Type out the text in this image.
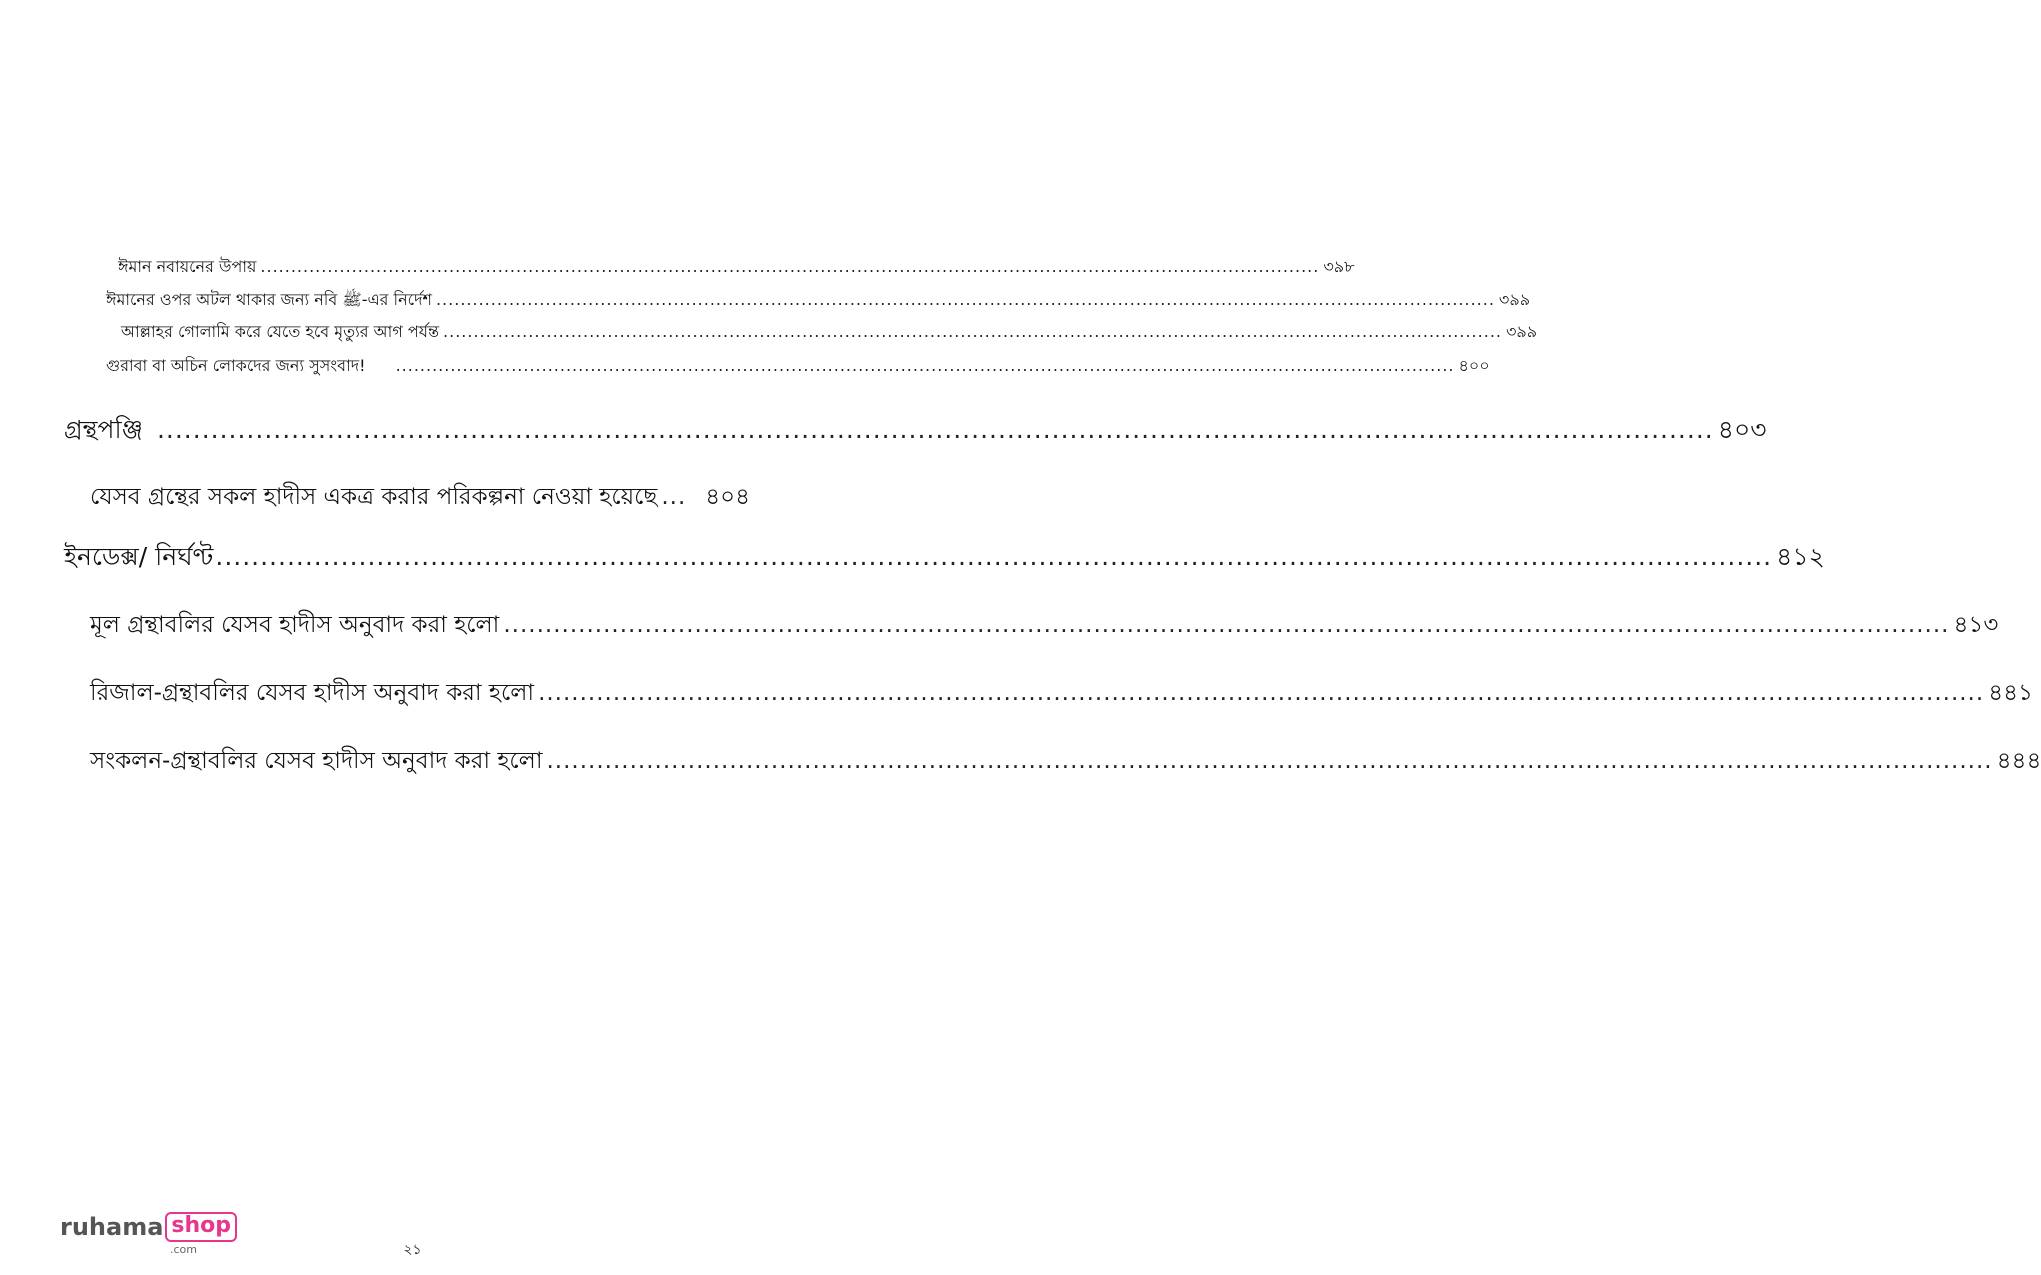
ঈমান নবায়নের উপায় .............................................................................................................................................................................. ৩৯৮
ঈমানের ওপর অটল থাকার জন্য নবি ﷺ-এর নির্দেশ .............................................................................................................................................................................. ৩৯৯
আল্লাহর গোলামি করে যেতে হবে মৃত্যুর আগ পর্যন্ত .............................................................................................................................................................................. ৩৯৯
গুরাবা বা অচিন লোকদের জন্য সুসংবাদ! .............................................................................................................................................................................. ৪০০
গ্রন্থপঞ্জি .............................................................................................................................................................................. ৪০৩
যেসব গ্রন্থের সকল হাদীস একত্র করার পরিকল্পনা নেওয়া হয়েছে ... ৪০৪
ইনডেক্স/ নির্ঘণ্ট .............................................................................................................................................................................. ৪১২
মূল গ্রন্থাবলির যেসব হাদীস অনুবাদ করা হলো .............................................................................................................................................................................. ৪১৩
রিজাল-গ্রন্থাবলির যেসব হাদীস অনুবাদ করা হলো .............................................................................................................................................................................. ৪৪১
সংকলন-গ্রন্থাবলির যেসব হাদীস অনুবাদ করা হলো .............................................................................................................................................................................. ৪৪৪
ruhama shop
.com	২১
